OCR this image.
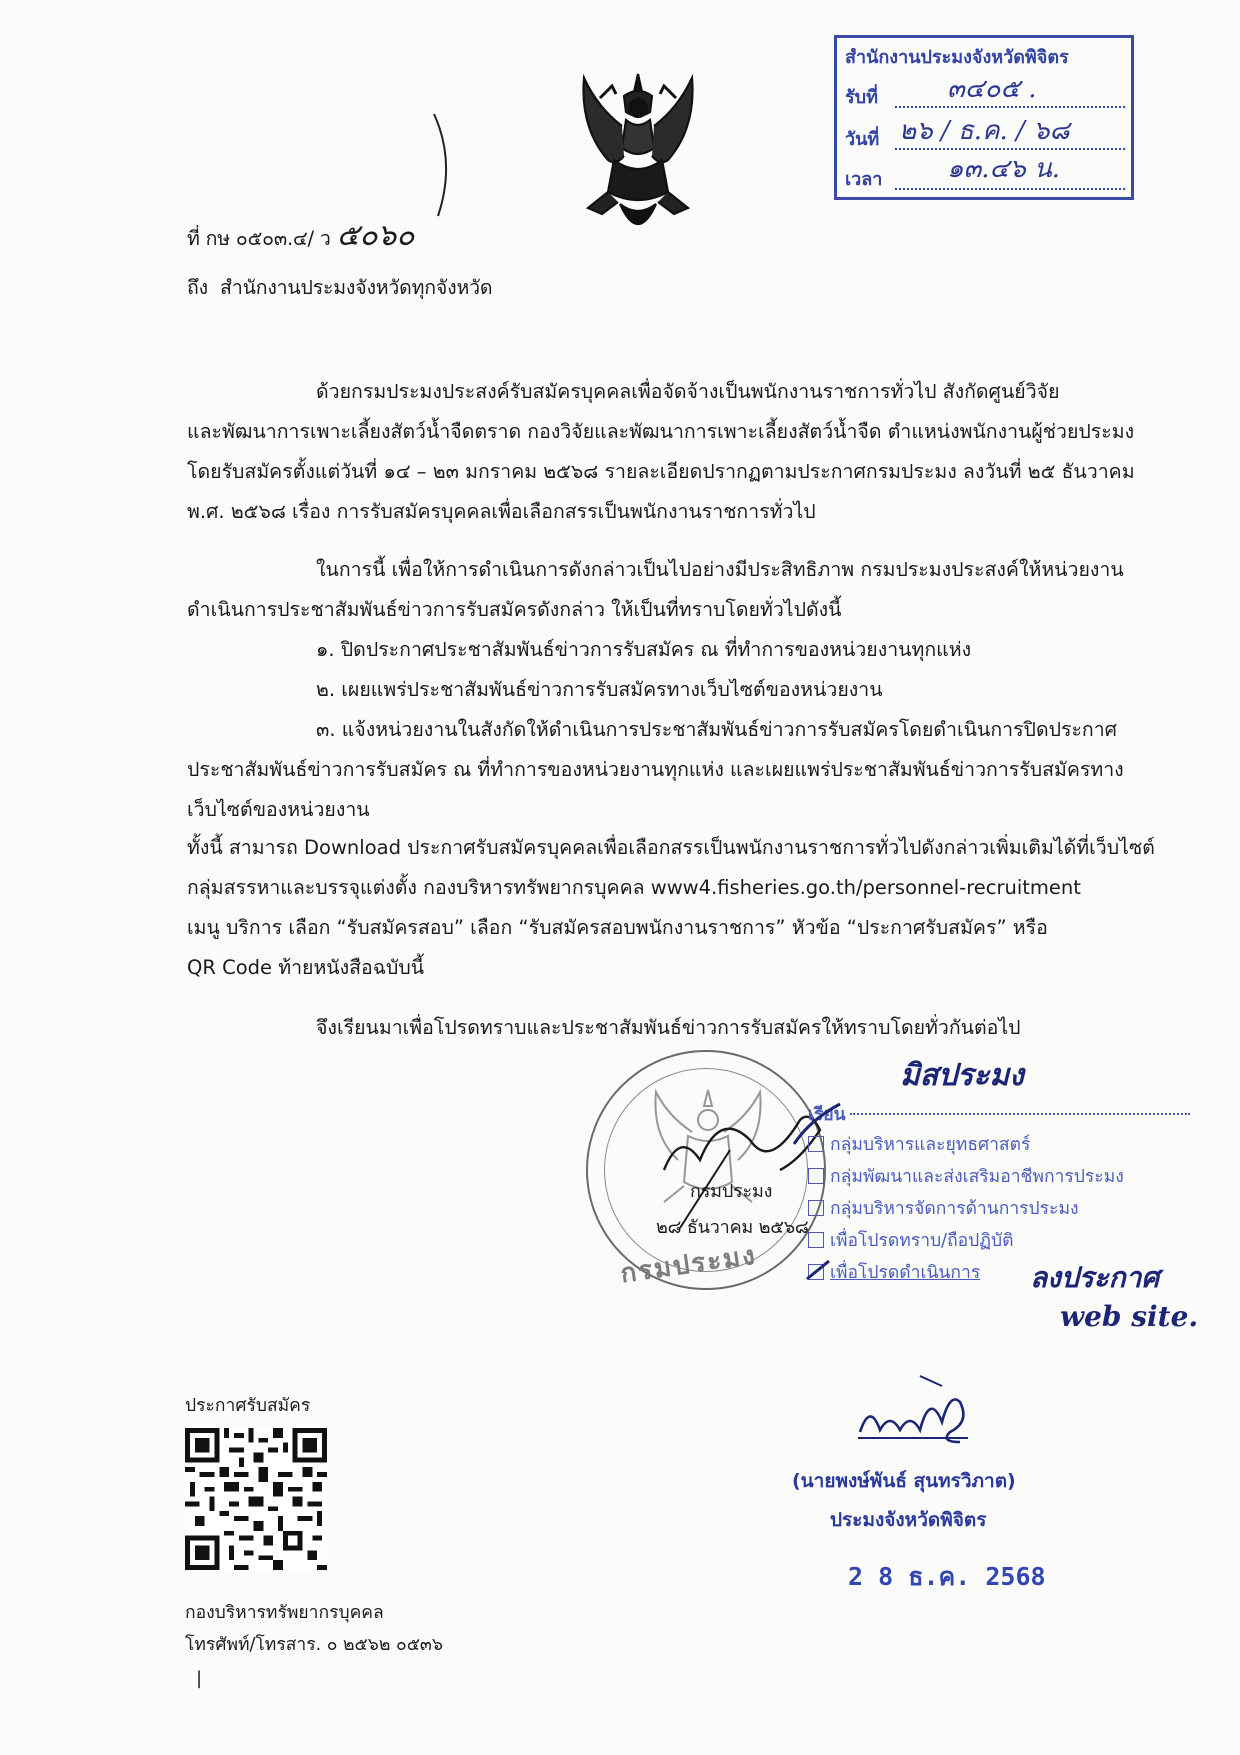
สำนักงานประมงจังหวัดพิจิตร
รับที่	๓๔๐๕ .
วันที่ ๒๖ / ธ.ค. / ๖๘
เวลา ๑๓.๔๖ น.
ที่ กษ ๐๕๐๓.๔/ ว ๕๐๖๐
ถึง สำนักงานประมงจังหวัดทุกจังหวัด
ด้วยกรมประมงประสงค์รับสมัครบุคคลเพื่อจัดจ้างเป็นพนักงานราชการทั่วไป สังกัดศูนย์วิจัย
และพัฒนาการเพาะเลี้ยงสัตว์น้ำจืดตราด กองวิจัยและพัฒนาการเพาะเลี้ยงสัตว์น้ำจืด ตำแหน่งพนักงานผู้ช่วยประมง
โดยรับสมัครตั้งแต่วันที่ ๑๔ – ๒๓ มกราคม ๒๕๖๘ รายละเอียดปรากฏตามประกาศกรมประมง ลงวันที่ ๒๕ ธันวาคม
พ.ศ. ๒๕๖๘ เรื่อง การรับสมัครบุคคลเพื่อเลือกสรรเป็นพนักงานราชการทั่วไป
ในการนี้ เพื่อให้การดำเนินการดังกล่าวเป็นไปอย่างมีประสิทธิภาพ กรมประมงประสงค์ให้หน่วยงาน
ดำเนินการประชาสัมพันธ์ข่าวการรับสมัครดังกล่าว ให้เป็นที่ทราบโดยทั่วไปดังนี้
๑. ปิดประกาศประชาสัมพันธ์ข่าวการรับสมัคร ณ ที่ทำการของหน่วยงานทุกแห่ง
๒. เผยแพร่ประชาสัมพันธ์ข่าวการรับสมัครทางเว็บไซต์ของหน่วยงาน
๓. แจ้งหน่วยงานในสังกัดให้ดำเนินการประชาสัมพันธ์ข่าวการรับสมัครโดยดำเนินการปิดประกาศ
ประชาสัมพันธ์ข่าวการรับสมัคร ณ ที่ทำการของหน่วยงานทุกแห่ง และเผยแพร่ประชาสัมพันธ์ข่าวการรับสมัครทาง
เว็บไซต์ของหน่วยงาน
ทั้งนี้ สามารถ Download ประกาศรับสมัครบุคคลเพื่อเลือกสรรเป็นพนักงานราชการทั่วไปดังกล่าวเพิ่มเติมได้ที่เว็บไซต์
กลุ่มสรรหาและบรรจุแต่งตั้ง กองบริหารทรัพยากรบุคคล www4.fisheries.go.th/personnel-recruitment
เมนู บริการ เลือก “รับสมัครสอบ” เลือก “รับสมัครสอบพนักงานราชการ” หัวข้อ “ประกาศรับสมัคร” หรือ
QR Code ท้ายหนังสือฉบับนี้
จึงเรียนมาเพื่อโปรดทราบและประชาสัมพันธ์ข่าวการรับสมัครให้ทราบโดยทั่วกันต่อไป
กรมประมง
๒๘ ธันวาคม ๒๕๖๘
กรมประมง
มิสประมง
เรียน
กลุ่มบริหารและยุทธศาสตร์
กลุ่มพัฒนาและส่งเสริมอาชีพการประมง
กลุ่มบริหารจัดการด้านการประมง
เพื่อโปรดทราบ/ถือปฏิบัติ
เพื่อโปรดดำเนินการ ลงประกาศ
web site.
(นายพงษ์พันธ์ สุนทรวิภาต)
ประมงจังหวัดพิจิตร
2 8 ธ.ค. 2568
ประกาศรับสมัคร
กองบริหารทรัพยากรบุคคล
โทรศัพท์/โทรสาร. ๐ ๒๕๖๒ ๐๕๓๖
|
